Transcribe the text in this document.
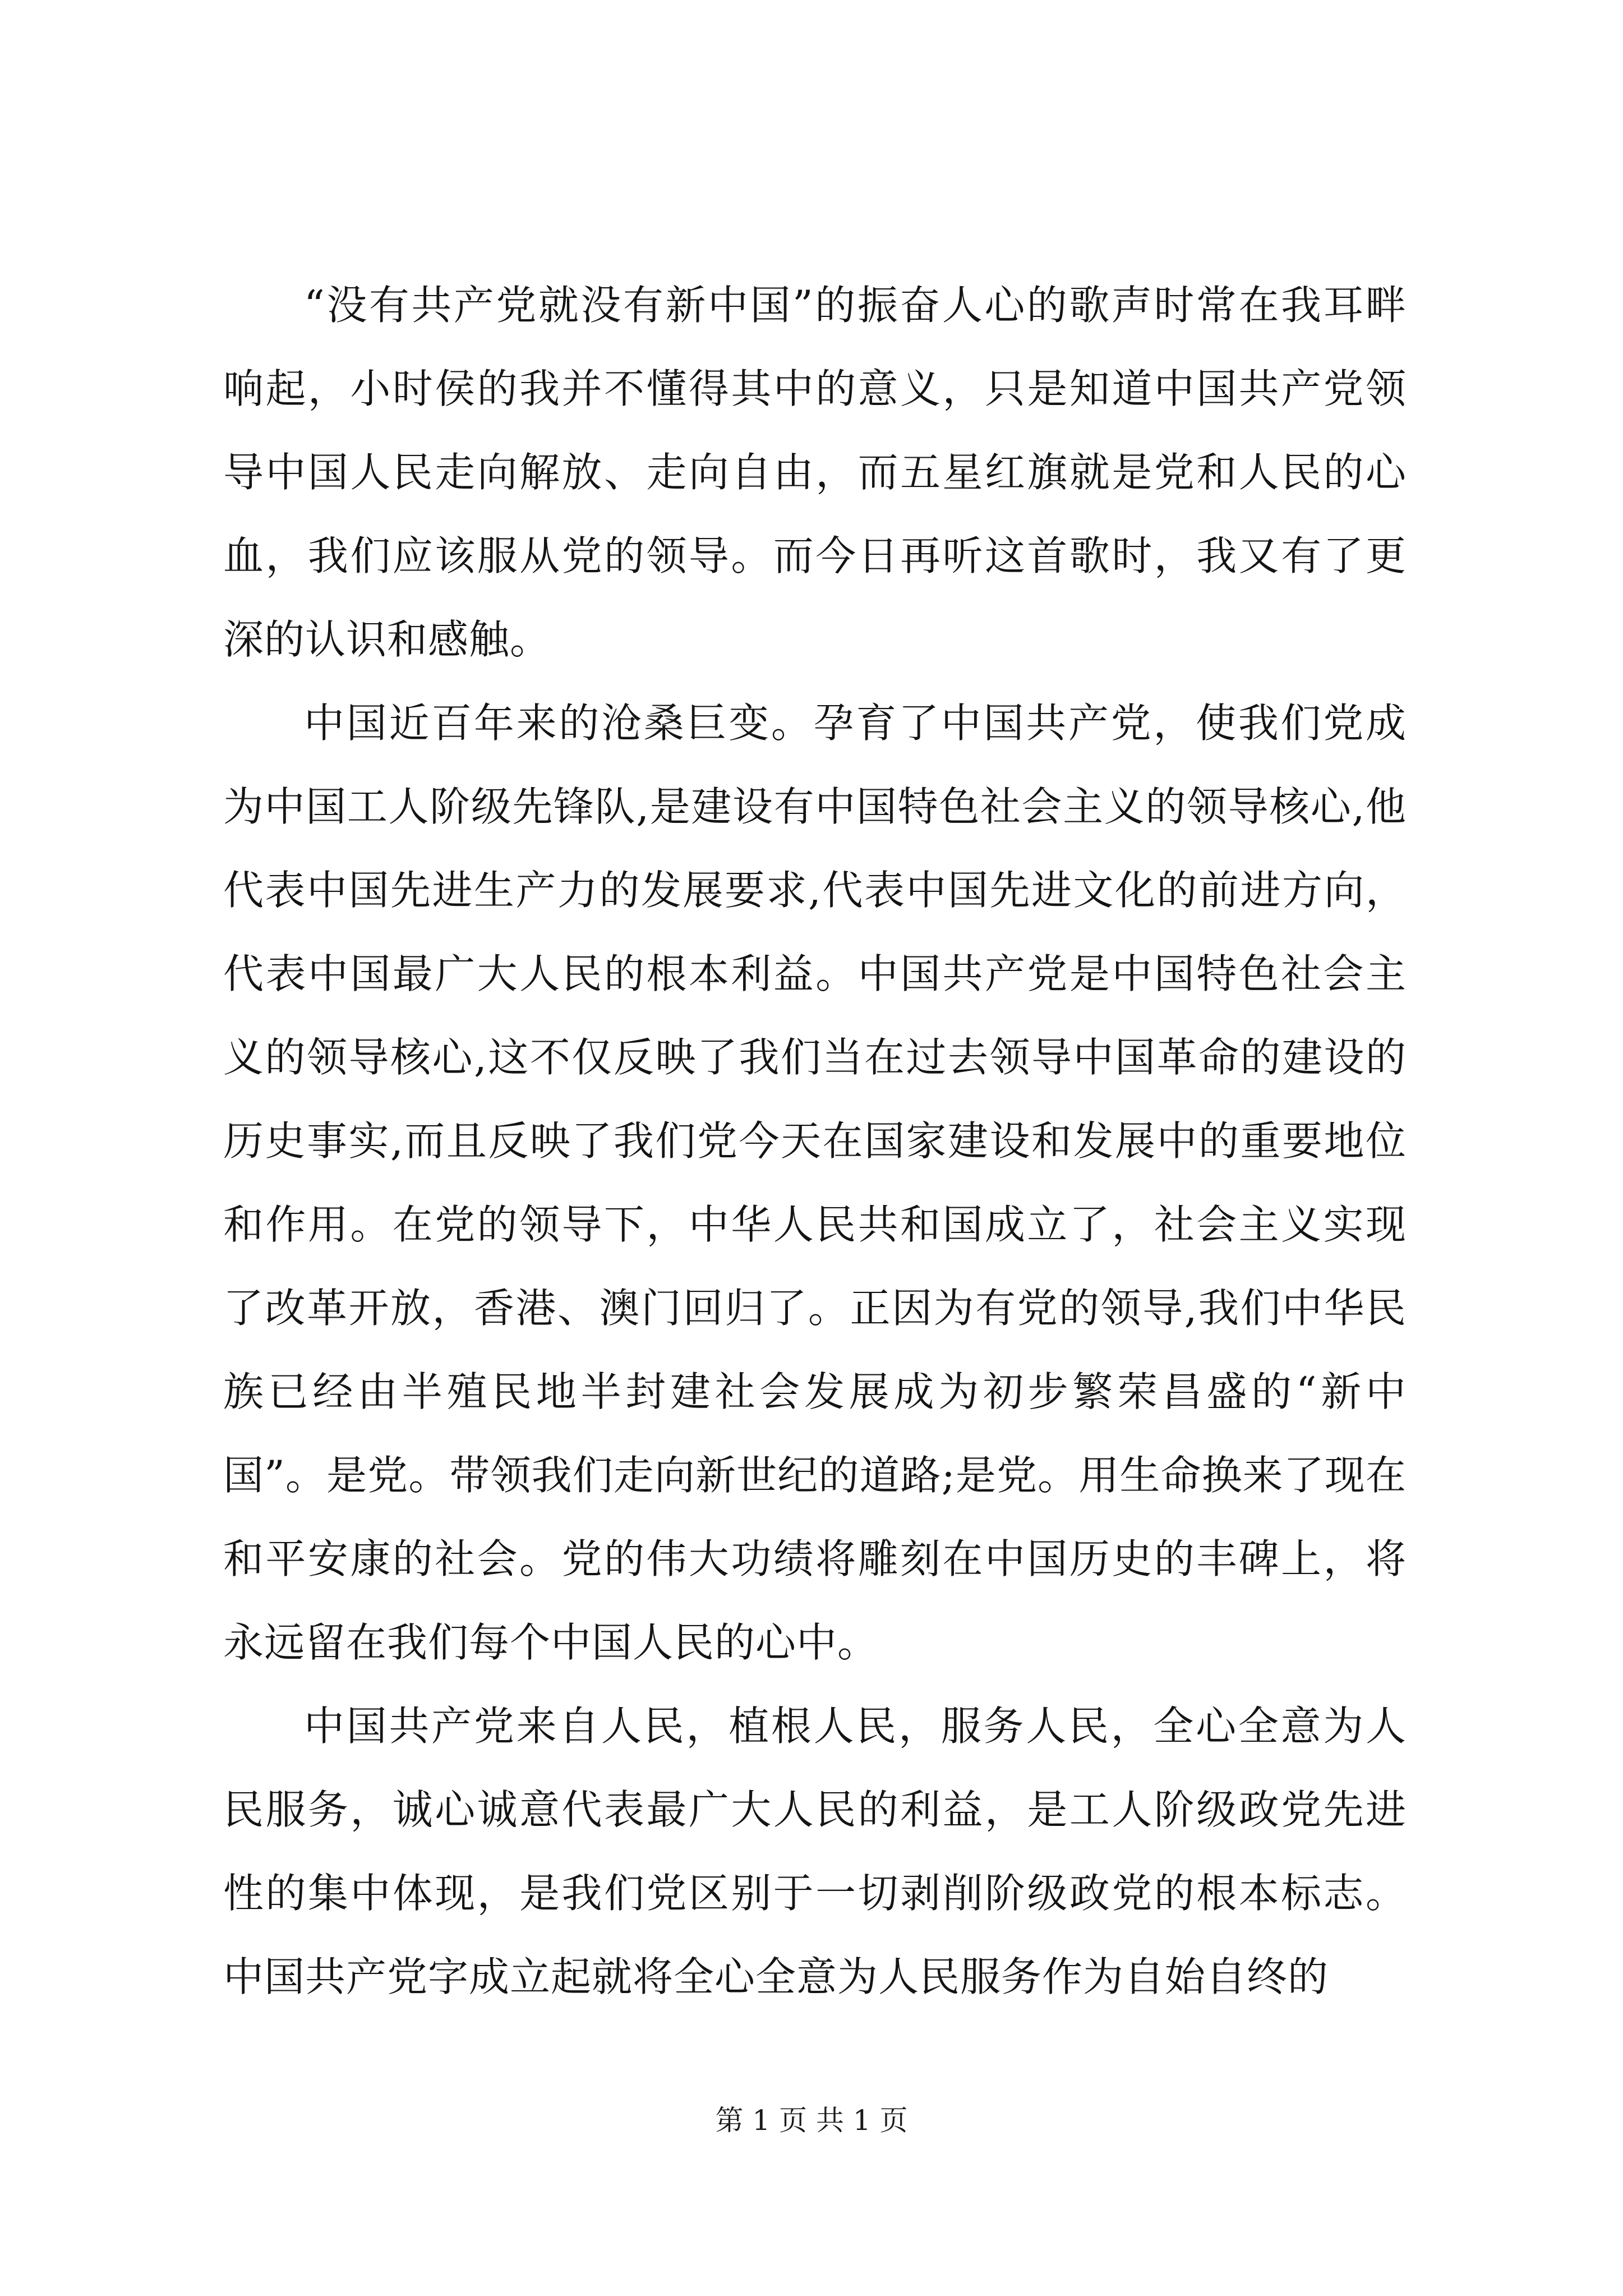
“没有共产党就没有新中国”的振奋人心的歌声时常在我耳畔响起，小时侯的我并不懂得其中的意义，只是知道中国共产党领导中国人民走向解放、走向自由，而五星红旗就是党和人民的心血，我们应该服从党的领导。而今日再听这首歌时，我又有了更深的认识和感触。

中国近百年来的沧桑巨变。孕育了中国共产党，使我们党成为中国工人阶级先锋队,是建设有中国特色社会主义的领导核心,他代表中国先进生产力的发展要求,代表中国先进文化的前进方向，代表中国最广大人民的根本利益。中国共产党是中国特色社会主义的领导核心,这不仅反映了我们当在过去领导中国革命的建设的历史事实,而且反映了我们党今天在国家建设和发展中的重要地位和作用。在党的领导下，中华人民共和国成立了，社会主义实现了改革开放，香港、澳门回归了。正因为有党的领导,我们中华民族已经由半殖民地半封建社会发展成为初步繁荣昌盛的“新中国”。是党。带领我们走向新世纪的道路;是党。用生命换来了现在和平安康的社会。党的伟大功绩将雕刻在中国历史的丰碑上，将永远留在我们每个中国人民的心中。

中国共产党来自人民，植根人民，服务人民，全心全意为人民服务，诚心诚意代表最广大人民的利益，是工人阶级政党先进性的集中体现，是我们党区别于一切剥削阶级政党的根本标志。中国共产党字成立起就将全心全意为人民服务作为自始自终的

第 1 页 共 1 页
